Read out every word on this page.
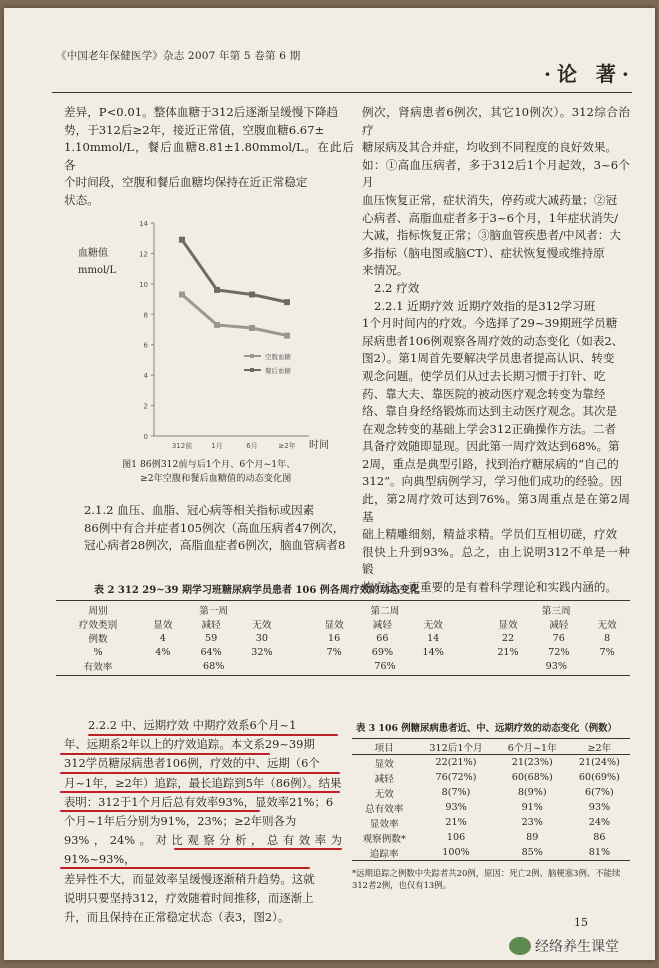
《中国老年保健医学》杂志 2007 年第 5 卷第 6 期
·论 著·

差异，P<0.01。整体血糖于312后逐渐呈缓慢下降趋

势，于312后≥2年，接近正常值，空腹血糖6.67±

1.10mmol/L，餐后血糖8.81±1.80mmol/L。在此后各

个时间段，空腹和餐后血糖均保持在近正常稳定

状态。

血糖值
mmol/L
时间
0
2
4
6
8
10
12
14
312前	1月	6月	≥2年
空腹血糖
餐后血糖
图1 86例312前与后1个月、6个月~1年、
≥2年空腹和餐后血糖值的动态变化图

2.1.2 血压、血脂、冠心病等相关指标或因素

86例中有合并症者105例次（高血压病者47例次，

冠心病者28例次，高脂血症者6例次，脑血管病者8

例次，肾病患者6例次，其它10例次）。312综合治疗

糖尿病及其合并症，均收到不同程度的良好效果。

如：①高血压病者，多于312后1个月起效，3~6个月

血压恢复正常，症状消失，停药或大减药量；②冠

心病者、高脂血症者多于3~6个月，1年症状消失/

大减，指标恢复正常；③脑血管疾患者/中风者：大

多指标（脑电图或脑CT）、症状恢复慢或维持原

来情况。

2.2 疗效

2.2.1 近期疗效 近期疗效指的是312学习班

1个月时间内的疗效。今选择了29~39期班学员糖

尿病患者106例观察各周疗效的动态变化（如表2、

图2）。第1周首先要解决学员患者提高认识、转变

观念问题。使学员们从过去长期习惯于打针、吃

药、靠大夫、靠医院的被动医疗观念转变为靠经

络、靠自身经络锻炼而达到主动医疗观念。其次是

在观念转变的基础上学会312正确操作方法。二者

具备疗效随即显现。因此第一周疗效达到68%。第

2周，重点是典型引路，找到治疗糖尿病的“自己的

312”。向典型病例学习，学习他们成功的经验。因

此，第2周疗效可达到76%。第3周重点是在第2周基

础上精雕细刻，精益求精。学员们互相切磋，疗效

很快上升到93%。总之，由上说明312不单是一种锻

炼方法，更重要的是有着科学理论和实践内涵的。

表 2 312 29~39 期学习班糖尿病学员患者 106 例各周疗效的动态变化
周别	第一周				第二周				第三周		
疗效类别	显效	减轻	无效		显效	减轻	无效		显效	减轻	无效
例数	4	59	30		16	66	14		22	76	8
%	4%	64%	32%		7%	69%	14%		21%	72%	7%
有效率	68%				76%				93%		

2.2.2 中、远期疗效 中期疗效系6个月~1

年、远期系2年以上的疗效追踪。本文系29~39期

312学员糖尿病患者106例，疗效的中、远期（6个

月~1年，≥2年）追踪，最长追踪到5年（86例）。结果

表明：312于1个月后总有效率93%，显效率21%；6

个月~1年后分别为91%，23%；≥2年则各为

93%，24%。对比观察分析，总有效率为91%~93%，

差异性不大，而显效率呈缓慢逐渐稍升趋势。这就

说明只要坚持312，疗效随着时间推移，而逐渐上

升，而且保持在正常稳定状态（表3，图2）。

表 3 106 例糖尿病患者近、中、远期疗效的动态变化（例数）
项目	312后1个月	6个月~1年	≥2年

显效	22(21%)	21(23%)	21(24%)
减轻	76(72%)	60(68%)	60(69%)
无效	8(7%)	8(9%)	6(7%)
总有效率	93%	91%	93%
显效率	21%	23%	24%
观察例数*	106	89	86
追踪率	100%	85%	81%
*远期追踪之例数中失踪者共20例，原因：死亡2例、脑梗塞3例、不能续312者2例，也仅有13例。
15
经络养生课堂
